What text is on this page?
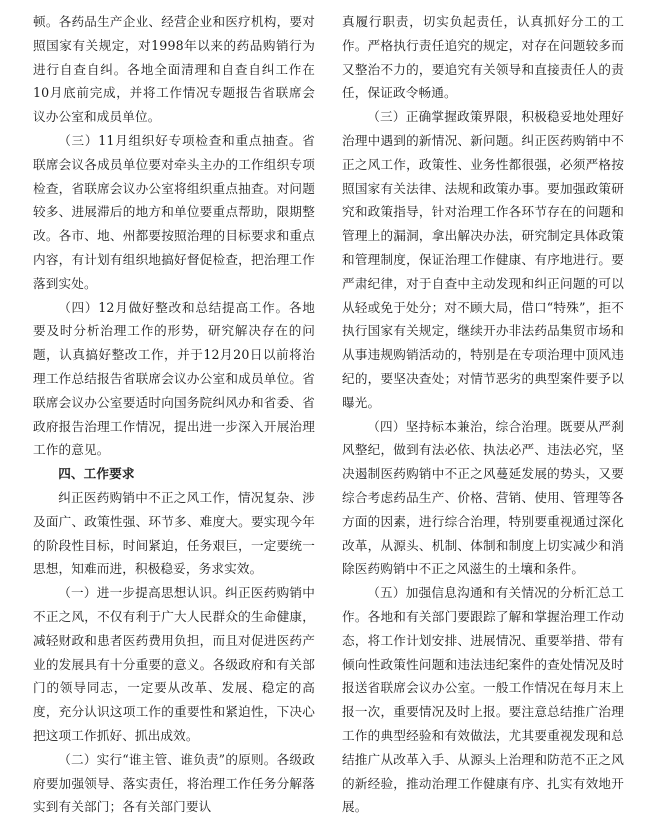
顿。各药品生产企业、经营企业和医疗机构，要对照国家有关规定，对1998年以来的药品购销行为进行自查自纠。各地全面清理和自查自纠工作在10月底前完成，并将工作情况专题报告省联席会议办公室和成员单位。

（三）11月组织好专项检查和重点抽查。省联席会议各成员单位要对牵头主办的工作组织专项检查，省联席会议办公室将组织重点抽查。对问题较多、进展滞后的地方和单位要重点帮助，限期整改。各市、地、州都要按照治理的目标要求和重点内容，有计划有组织地搞好督促检查，把治理工作落到实处。

（四）12月做好整改和总结提高工作。各地要及时分析治理工作的形势，研究解决存在的问题，认真搞好整改工作，并于12月20日以前将治理工作总结报告省联席会议办公室和成员单位。省联席会议办公室要适时向国务院纠风办和省委、省政府报告治理工作情况，提出进一步深入开展治理工作的意见。

四、工作要求

纠正医药购销中不正之风工作，情况复杂、涉及面广、政策性强、环节多、难度大。要实现今年的阶段性目标，时间紧迫，任务艰巨，一定要统一思想，知难而进，积极稳妥，务求实效。

（一）进一步提高思想认识。纠正医药购销中不正之风，不仅有利于广大人民群众的生命健康，减轻财政和患者医药费用负担，而且对促进医药产业的发展具有十分重要的意义。各级政府和有关部门的领导同志，一定要从改革、发展、稳定的高度，充分认识这项工作的重要性和紧迫性，下决心把这项工作抓好、抓出成效。

（二）实行“谁主管、谁负责”的原则。各级政府要加强领导、落实责任，将治理工作任务分解落实到有关部门；各有关部门要认

真履行职责，切实负起责任，认真抓好分工的工作。严格执行责任追究的规定，对存在问题较多而又整治不力的，要追究有关领导和直接责任人的责任，保证政令畅通。

（三）正确掌握政策界限，积极稳妥地处理好治理中遇到的新情况、新问题。纠正医药购销中不正之风工作，政策性、业务性都很强，必须严格按照国家有关法律、法规和政策办事。要加强政策研究和政策指导，针对治理工作各环节存在的问题和管理上的漏洞，拿出解决办法，研究制定具体政策和管理制度，保证治理工作健康、有序地进行。要严肃纪律，对于自查中主动发现和纠正问题的可以从轻或免于处分；对不顾大局，借口“特殊”，拒不执行国家有关规定，继续开办非法药品集贸市场和从事违规购销活动的，特别是在专项治理中顶风违纪的，要坚决查处；对情节恶劣的典型案件要予以曝光。

（四）坚持标本兼治，综合治理。既要从严刹风整纪，做到有法必依、执法必严、违法必究，坚决遏制医药购销中不正之风蔓延发展的势头，又要综合考虑药品生产、价格、营销、使用、管理等各方面的因素，进行综合治理，特别要重视通过深化改革，从源头、机制、体制和制度上切实减少和消除医药购销中不正之风滋生的土壤和条件。

（五）加强信息沟通和有关情况的分析汇总工作。各地和有关部门要跟踪了解和掌握治理工作动态，将工作计划安排、进展情况、重要举措、带有倾向性政策性问题和违法违纪案件的查处情况及时报送省联席会议办公室。一般工作情况在每月末上报一次，重要情况及时上报。要注意总结推广治理工作的典型经验和有效做法，尤其要重视发现和总结推广从改革入手、从源头上治理和防范不正之风的新经验，推动治理工作健康有序、扎实有效地开展。
